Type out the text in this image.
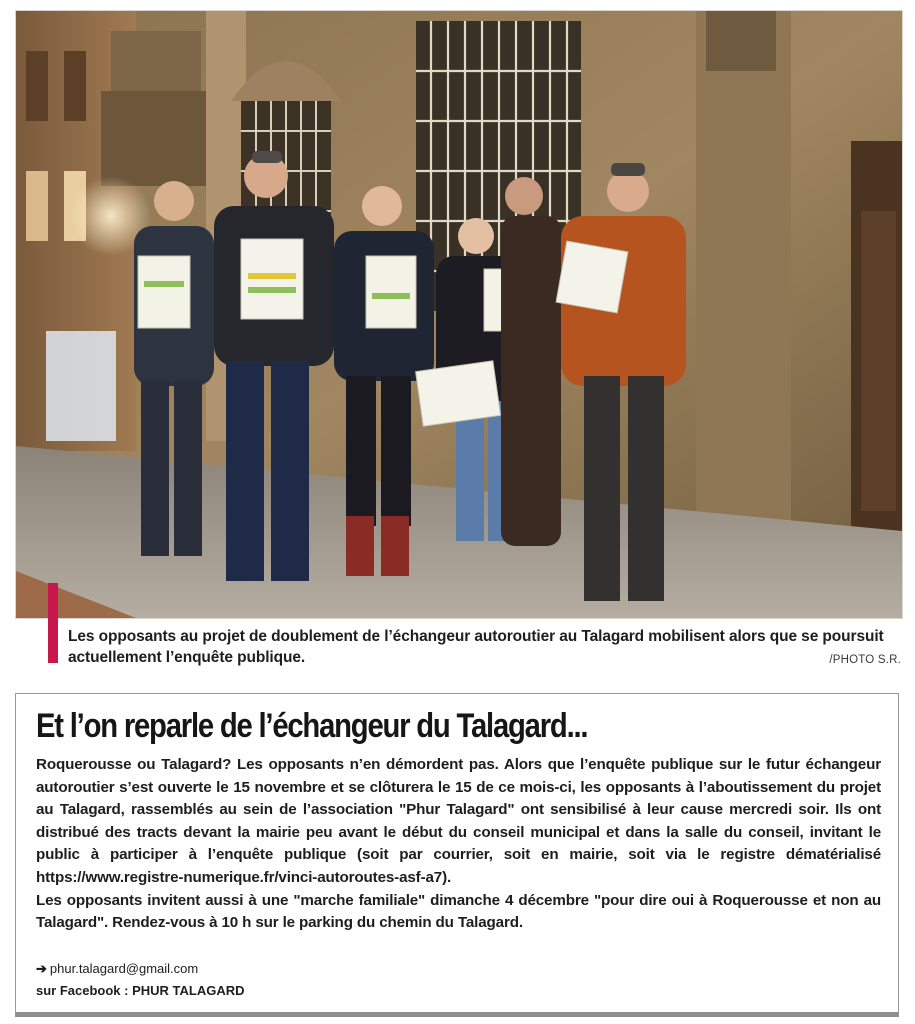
Les opposants au projet de doublement de l’échangeur autoroutier au Talagard mobilisent alors que se poursuit actuellement l’enquête publique.	/PHOTO S.R.
Et l’on reparle de l’échangeur du Talagard...

Roquerousse ou Talagard? Les opposants n’en démordent pas. Alors que l’enquête publique sur le futur échangeur autoroutier s’est ouverte le 15 novembre et se clôturera le 15 de ce mois-ci, les opposants à l’aboutissement du projet au Talagard, rassemblés au sein de l’association "Phur Talagard" ont sensibilisé à leur cause mercredi soir. Ils ont distribué des tracts devant la mairie peu avant le début du conseil municipal et dans la salle du conseil, invitant le public à participer à l’enquête publique (soit par courrier, soit en mairie, soit via le registre dématérialisé https://www.registre-numerique.fr/vinci-autoroutes-asf-a7).

Les opposants invitent aussi à une "marche familiale" dimanche 4 décembre "pour dire oui à Roquerousse et non au Talagard". Rendez-vous à 10 h sur le parking du chemin du Talagard.

➔ phur.talagard@gmail.com
sur Facebook : PHUR TALAGARD
